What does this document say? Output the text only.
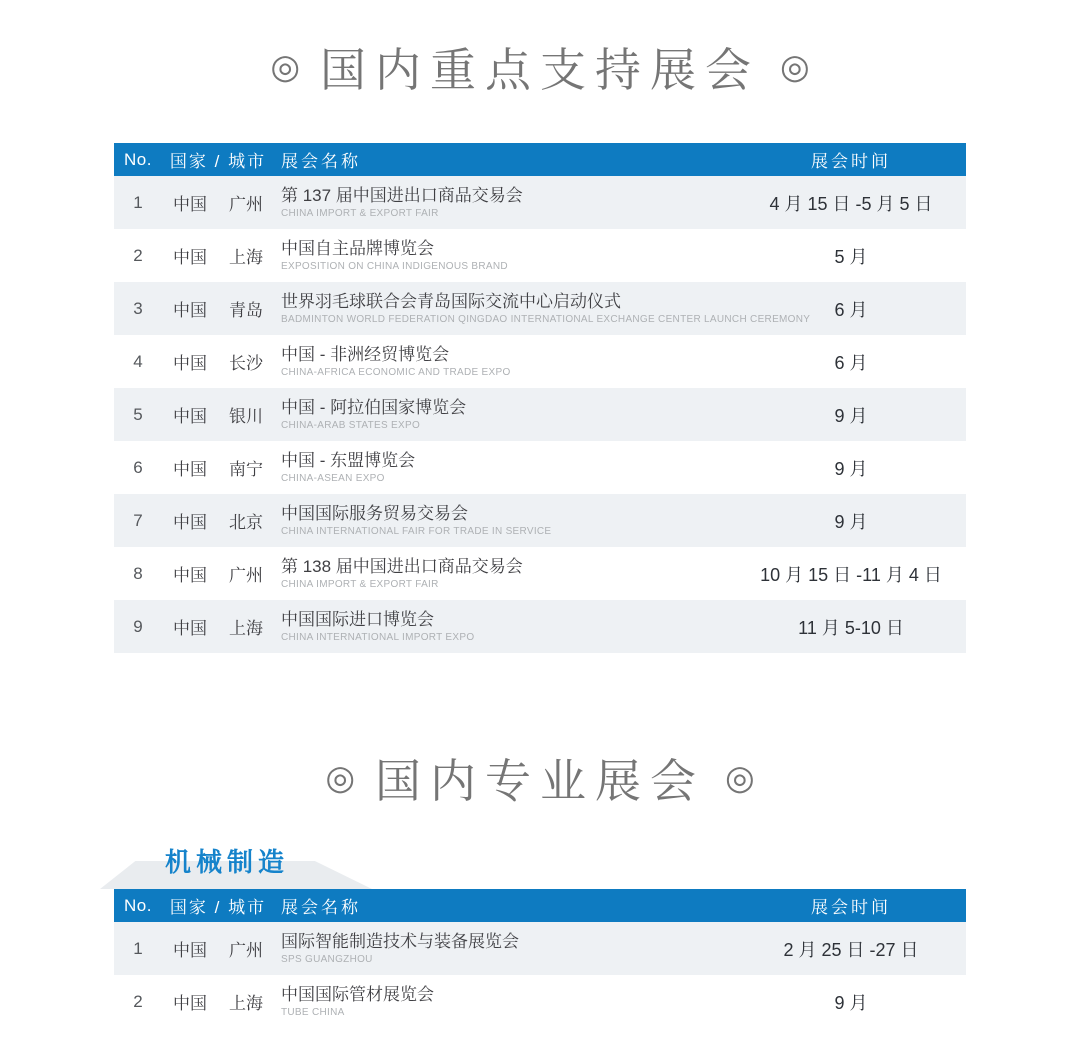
◎ 国内重点支持展会 ◎
No.	国家 / 城市 展会名称	展会时间
1	中国	广州	第 137 届中国进出口商品交易会
CHINA IMPORT & EXPORT FAIR	4 月 15 日 -5 月 5 日
2	中国	上海	中国自主品牌博览会
EXPOSITION ON CHINA INDIGENOUS BRAND	5 月
3	中国	青岛	世界羽毛球联合会青岛国际交流中心启动仪式
BADMINTON WORLD FEDERATION QINGDAO INTERNATIONAL EXCHANGE CENTER LAUNCH CEREMONY	6 月
4	中国	长沙	中国 - 非洲经贸博览会
CHINA-AFRICA ECONOMIC AND TRADE EXPO	6 月
5	中国	银川	中国 - 阿拉伯国家博览会
CHINA-ARAB STATES EXPO	9 月
6	中国	南宁	中国 - 东盟博览会
CHINA-ASEAN EXPO	9 月
7	中国	北京	中国国际服务贸易交易会
CHINA INTERNATIONAL FAIR FOR TRADE IN SERVICE	9 月
8	中国	广州	第 138 届中国进出口商品交易会
CHINA IMPORT & EXPORT FAIR	10 月 15 日 -11 月 4 日
9	中国	上海	中国国际进口博览会
CHINA INTERNATIONAL IMPORT EXPO	11 月 5-10 日
◎ 国内专业展会 ◎
机械制造
No.	国家 / 城市 展会名称	展会时间
1	中国	广州	国际智能制造技术与装备展览会
SPS GUANGZHOU	2 月 25 日 -27 日
2	中国	上海	中国国际管材展览会
TUBE CHINA	9 月
